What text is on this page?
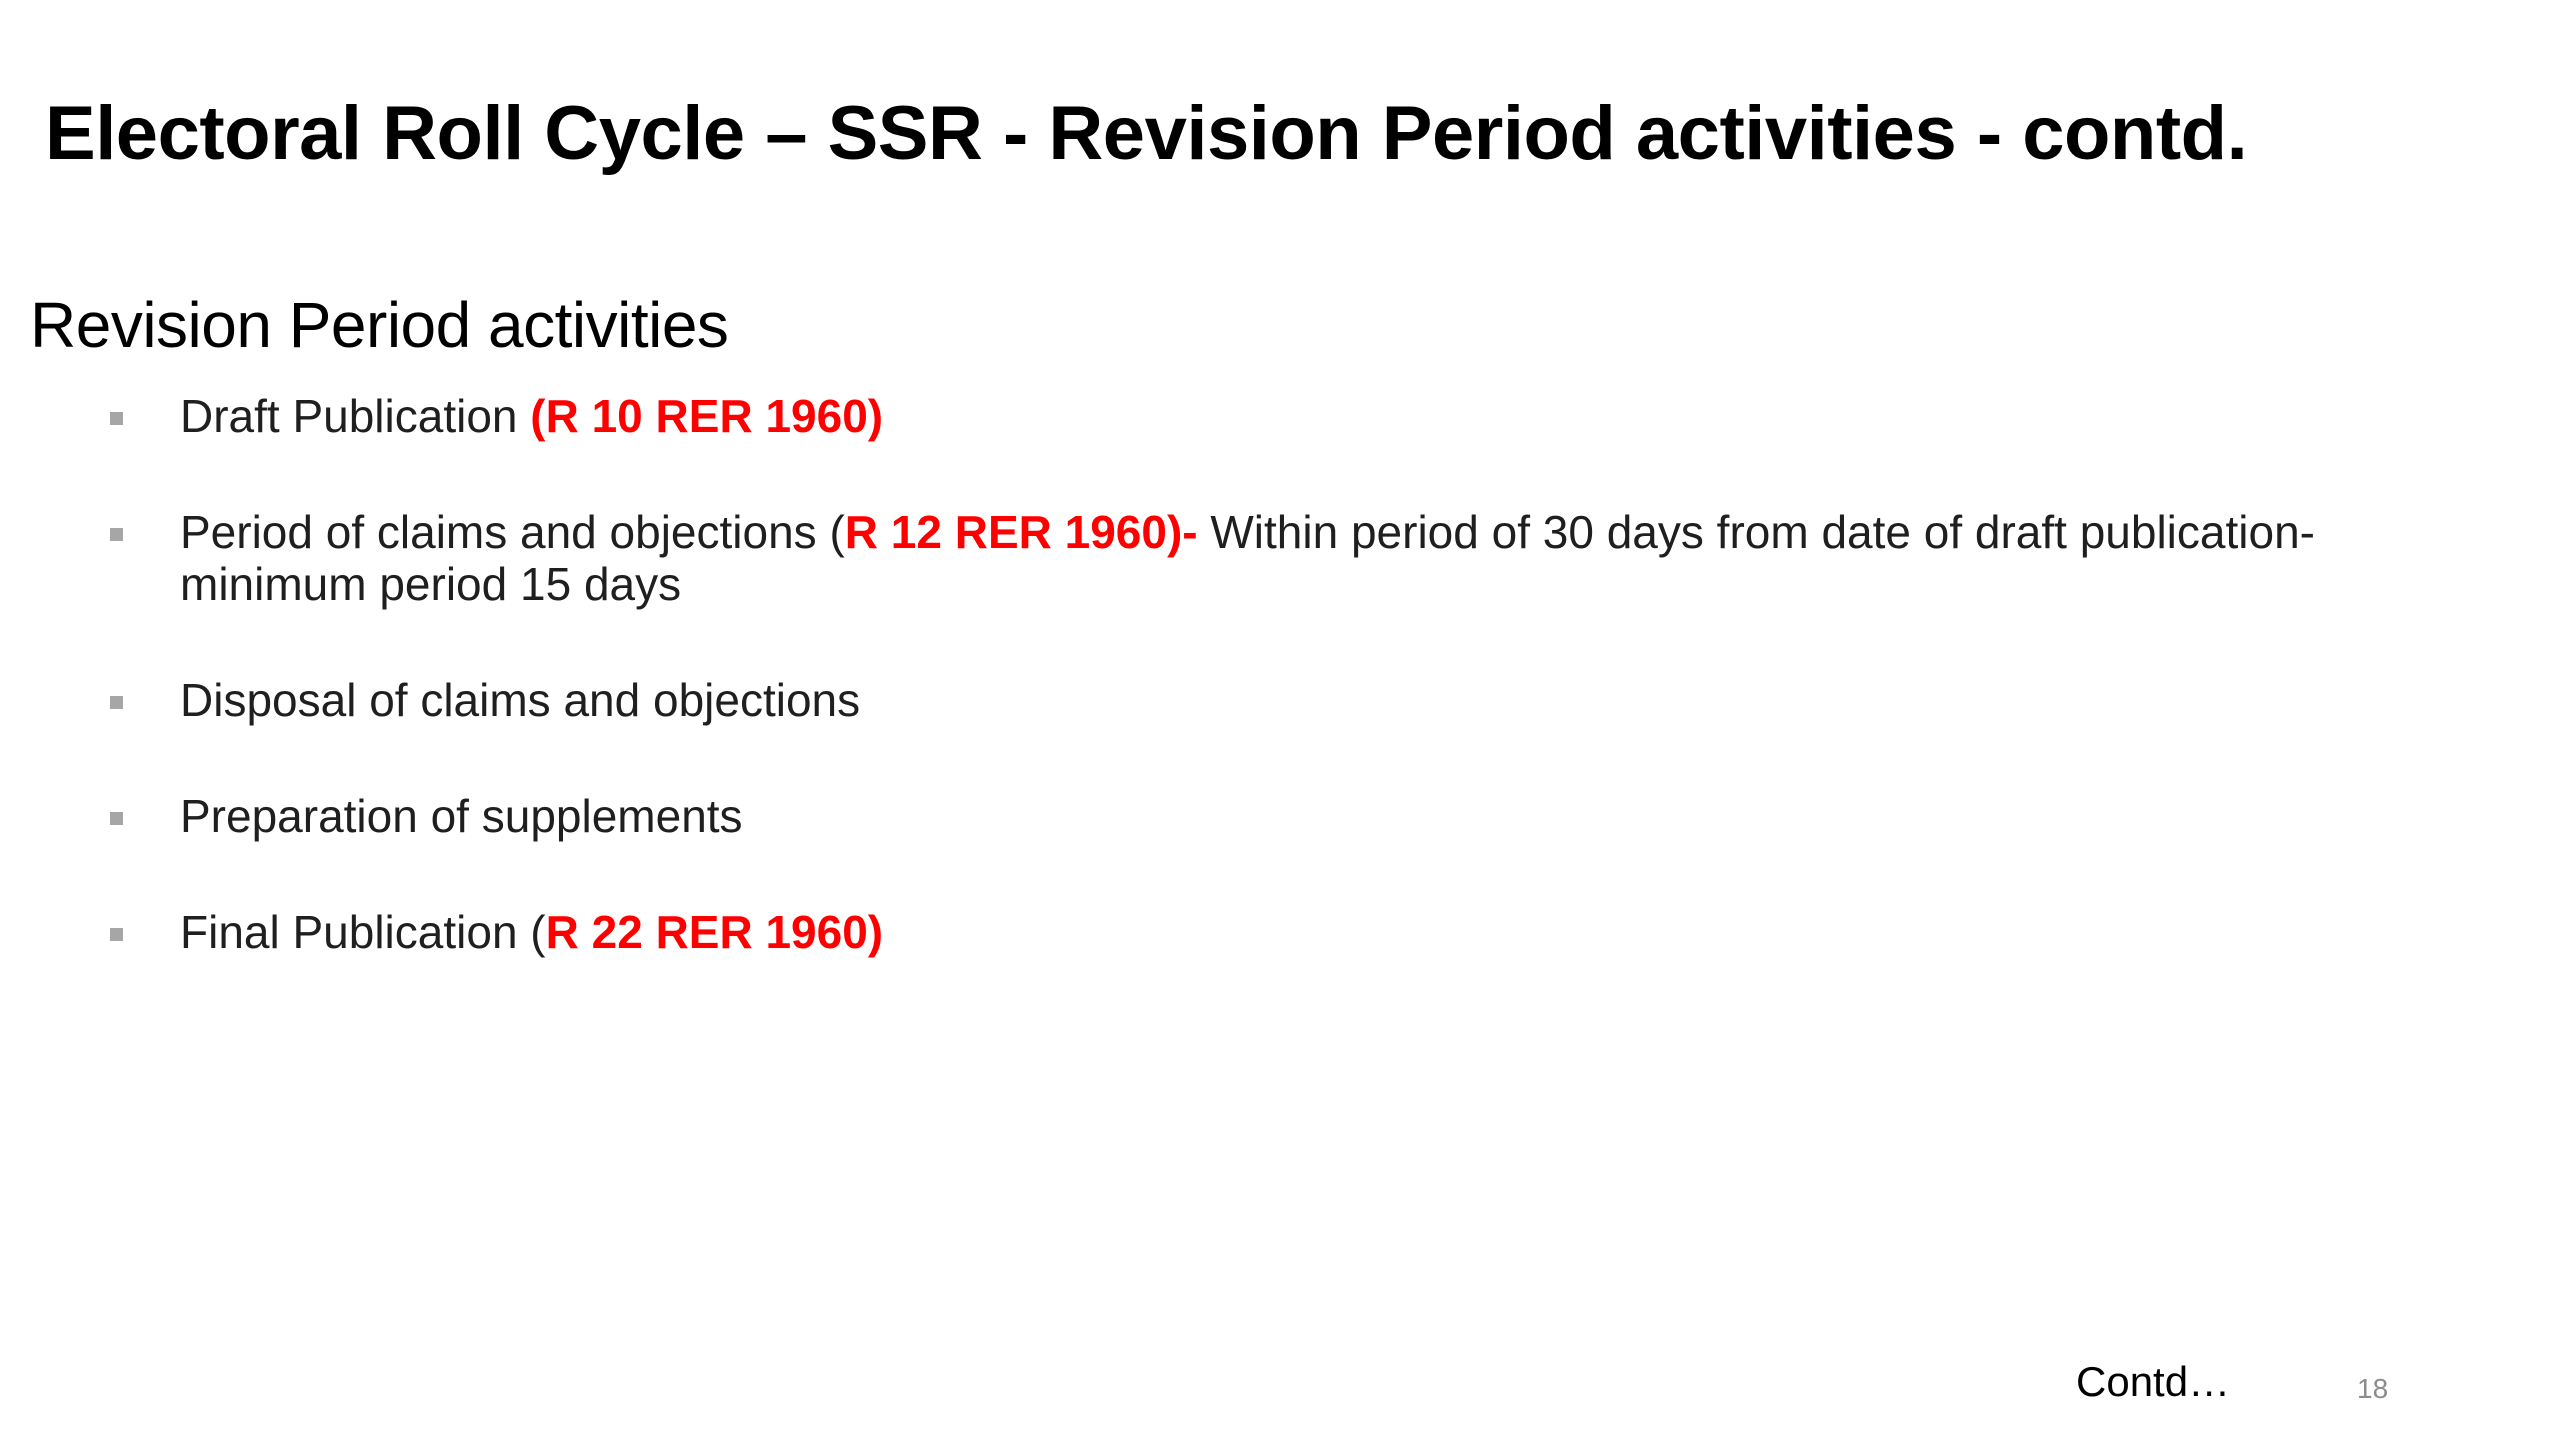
Electoral Roll Cycle – SSR - Revision Period activities - contd.
Revision Period activities
Draft Publication (R 10 RER 1960)
Period of claims and objections (R 12 RER 1960)- Within period of 30 days from date of draft publication- minimum period 15 days
Disposal of claims and objections
Preparation of supplements
Final Publication (R 22 RER 1960)
Contd…	18
